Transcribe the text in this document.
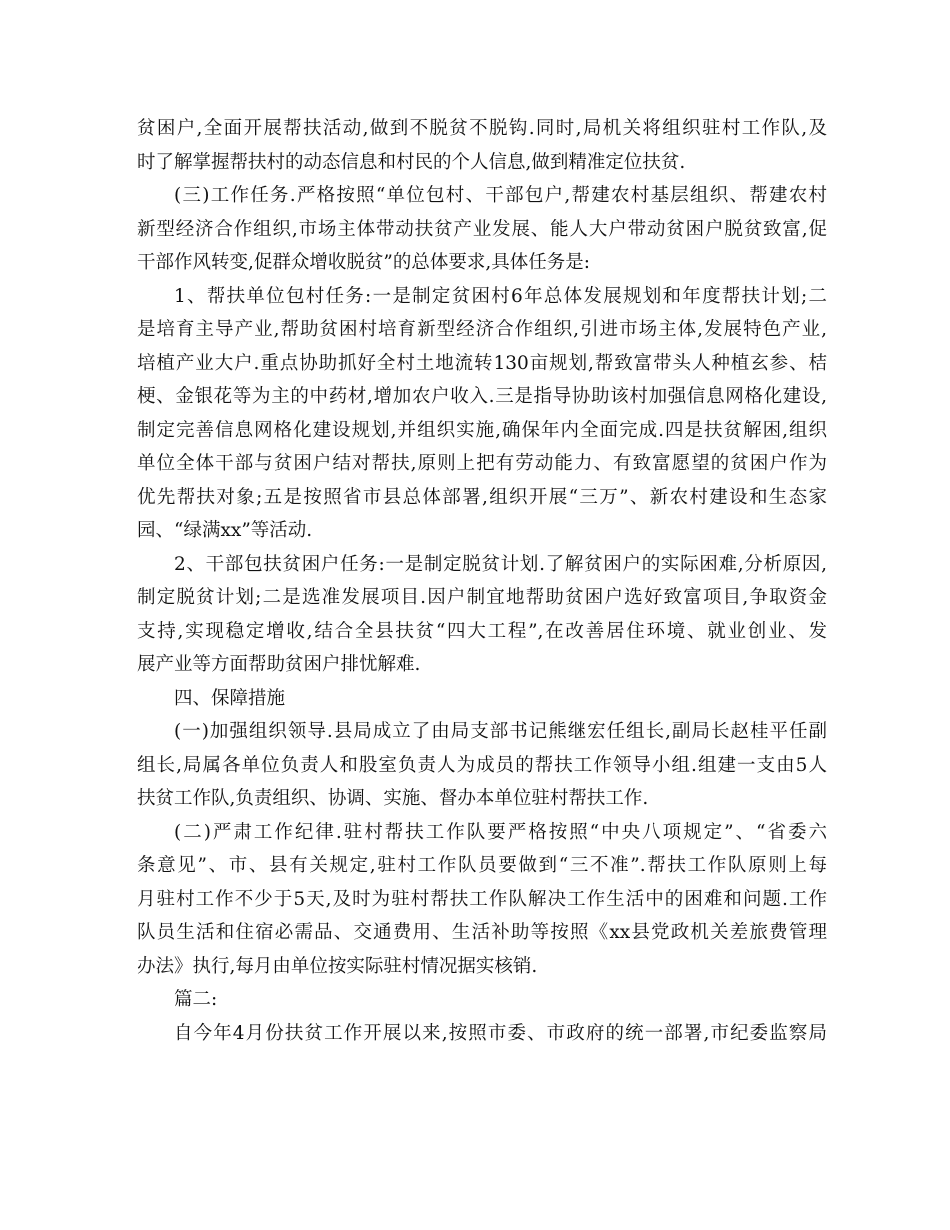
贫困户,全面开展帮扶活动,做到不脱贫不脱钩.同时,局机关将组织驻村工作队,及
时了解掌握帮扶村的动态信息和村民的个人信息,做到精准定位扶贫.
(三)工作任务.严格按照“单位包村、干部包户,帮建农村基层组织、帮建农村
新型经济合作组织,市场主体带动扶贫产业发展、能人大户带动贫困户脱贫致富,促
干部作风转变,促群众增收脱贫”的总体要求,具体任务是:
1、帮扶单位包村任务:一是制定贫困村6年总体发展规划和年度帮扶计划;二
是培育主导产业,帮助贫困村培育新型经济合作组织,引进市场主体,发展特色产业,
培植产业大户.重点协助抓好全村土地流转130亩规划,帮致富带头人种植玄参、桔
梗、金银花等为主的中药材,增加农户收入.三是指导协助该村加强信息网格化建设,
制定完善信息网格化建设规划,并组织实施,确保年内全面完成.四是扶贫解困,组织
单位全体干部与贫困户结对帮扶,原则上把有劳动能力、有致富愿望的贫困户作为
优先帮扶对象;五是按照省市县总体部署,组织开展“三万”、新农村建设和生态家
园、“绿满xx”等活动.
2、干部包扶贫困户任务:一是制定脱贫计划.了解贫困户的实际困难,分析原因,
制定脱贫计划;二是选准发展项目.因户制宜地帮助贫困户选好致富项目,争取资金
支持,实现稳定增收,结合全县扶贫“四大工程”,在改善居住环境、就业创业、发
展产业等方面帮助贫困户排忧解难.
四、保障措施
(一)加强组织领导.县局成立了由局支部书记熊继宏任组长,副局长赵桂平任副
组长,局属各单位负责人和股室负责人为成员的帮扶工作领导小组.组建一支由5人
扶贫工作队,负责组织、协调、实施、督办本单位驻村帮扶工作.
(二)严肃工作纪律.驻村帮扶工作队要严格按照“中央八项规定”、“省委六
条意见”、市、县有关规定,驻村工作队员要做到“三不准”.帮扶工作队原则上每
月驻村工作不少于5天,及时为驻村帮扶工作队解决工作生活中的困难和问题.工作
队员生活和住宿必需品、交通费用、生活补助等按照《xx县党政机关差旅费管理
办法》执行,每月由单位按实际驻村情况据实核销.
篇二:
自今年4月份扶贫工作开展以来,按照市委、市政府的统一部署,市纪委监察局
